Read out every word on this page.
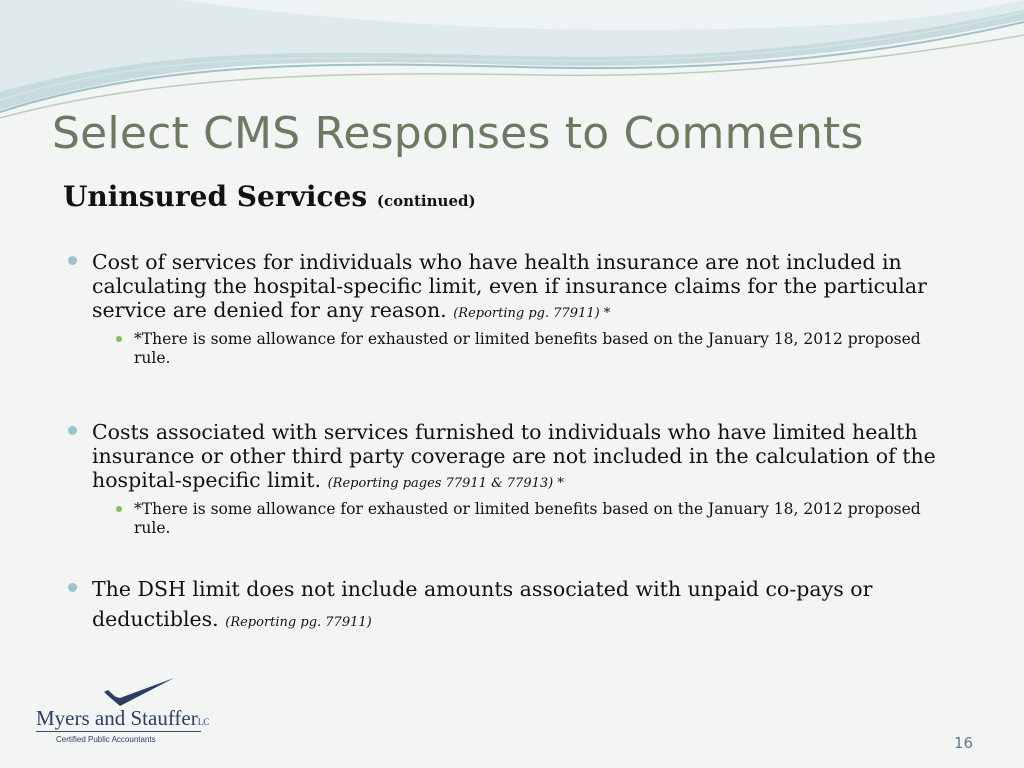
Select CMS Responses to Comments
Uninsured Services (continued)
Cost of services for individuals who have health insurance are not included in calculating the hospital-specific limit, even if insurance claims for the particular service are denied for any reason. (Reporting pg. 77911) *
*There is some allowance for exhausted or limited benefits based on the January 18, 2012 proposed rule.
Costs associated with services furnished to individuals who have limited health insurance or other third party coverage are not included in the calculation of the hospital-specific limit. (Reporting pages 77911 & 77913) *
*There is some allowance for exhausted or limited benefits based on the January 18, 2012 proposed rule.
The DSH limit does not include amounts associated with unpaid co-pays or deductibles. (Reporting pg. 77911)
Myers and StaufferLC
Certified Public Accountants	16
